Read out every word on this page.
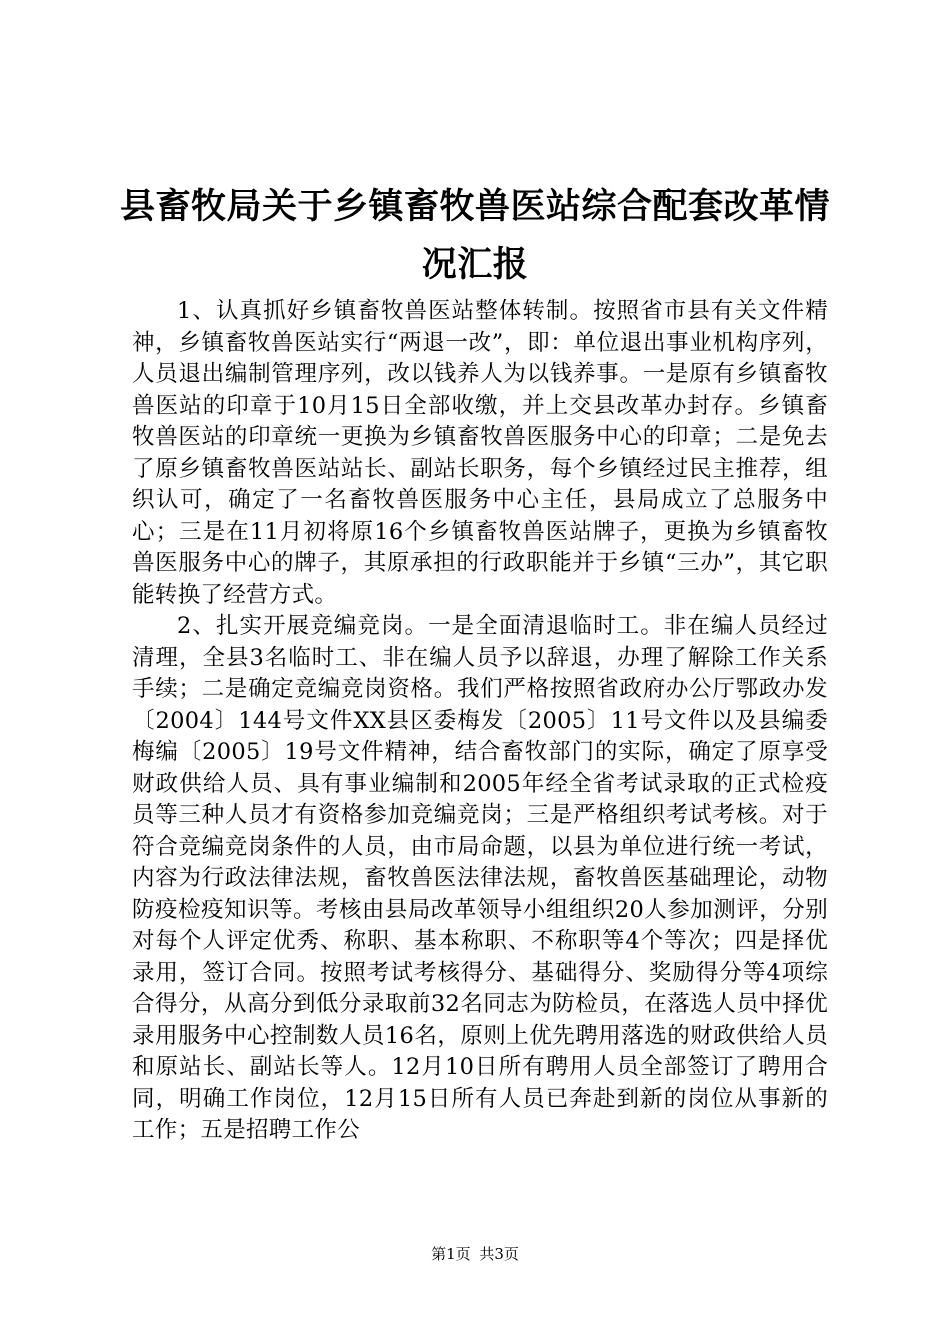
县畜牧局关于乡镇畜牧兽医站综合配套改革情况汇报

1、认真抓好乡镇畜牧兽医站整体转制。按照省市县有关文件精神，乡镇畜牧兽医站实行“两退一改”，即：单位退出事业机构序列，人员退出编制管理序列，改以钱养人为以钱养事。一是原有乡镇畜牧兽医站的印章于10月15日全部收缴，并上交县改革办封存。乡镇畜牧兽医站的印章统一更换为乡镇畜牧兽医服务中心的印章；二是免去了原乡镇畜牧兽医站站长、副站长职务，每个乡镇经过民主推荐，组织认可，确定了一名畜牧兽医服务中心主任，县局成立了总服务中心；三是在11月初将原16个乡镇畜牧兽医站牌子，更换为乡镇畜牧兽医服务中心的牌子，其原承担的行政职能并于乡镇“三办”，其它职能转换了经营方式。

2、扎实开展竞编竞岗。一是全面清退临时工。非在编人员经过清理，全县3名临时工、非在编人员予以辞退，办理了解除工作关系手续；二是确定竞编竞岗资格。我们严格按照省政府办公厅鄂政办发〔2004〕144号文件XX县区委梅发〔2005〕11号文件以及县编委梅编〔2005〕19号文件精神，结合畜牧部门的实际，确定了原享受财政供给人员、具有事业编制和2005年经全省考试录取的正式检疫员等三种人员才有资格参加竞编竞岗；三是严格组织考试考核。对于符合竞编竞岗条件的人员，由市局命题，以县为单位进行统一考试，内容为行政法律法规，畜牧兽医法律法规，畜牧兽医基础理论，动物防疫检疫知识等。考核由县局改革领导小组组织20人参加测评，分别对每个人评定优秀、称职、基本称职、不称职等4个等次；四是择优录用，签订合同。按照考试考核得分、基础得分、奖励得分等4项综合得分，从高分到低分录取前32名同志为防检员，在落选人员中择优录用服务中心控制数人员16名，原则上优先聘用落选的财政供给人员和原站长、副站长等人。12月10日所有聘用人员全部签订了聘用合同，明确工作岗位，12月15日所有人员已奔赴到新的岗位从事新的工作；五是招聘工作公

第1页 共3页
